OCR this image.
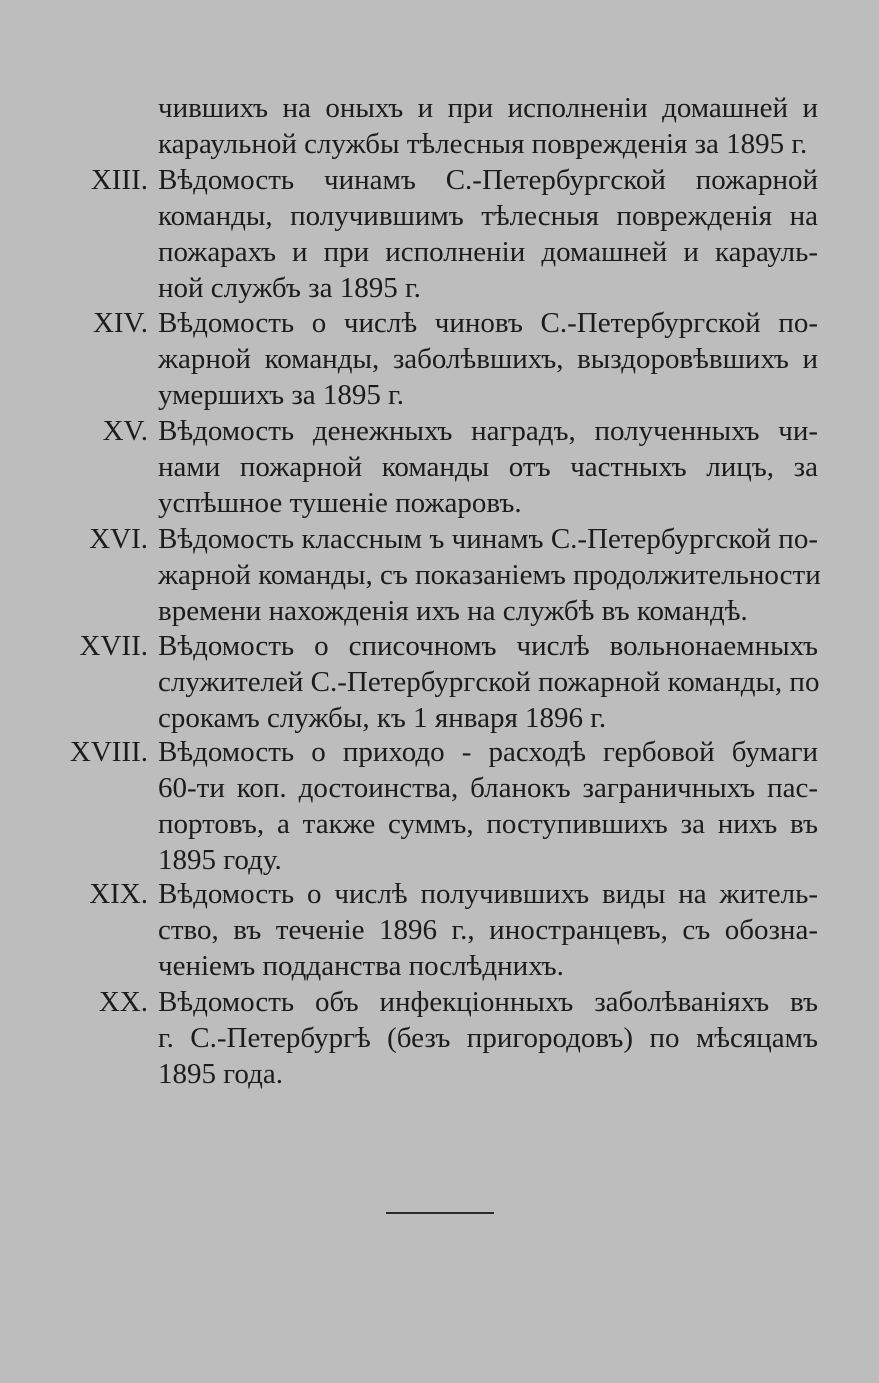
чившихъ на оныхъ и при исполненіи домашней и
караульной службы тѣлесныя поврежденія за 1895 г.
XIII. Вѣдомость чинамъ С.-Петербургской пожарной
команды, получившимъ тѣлесныя поврежденія на
пожарахъ и при исполненіи домашней и карауль-
ной службъ за 1895 г.
XIV. Вѣдомость о числѣ чиновъ С.-Петербургской по-
жарной команды, заболѣвшихъ, выздоровѣвшихъ и
умершихъ за 1895 г.
XV. Вѣдомость денежныхъ наградъ, полученныхъ чи-
нами пожарной команды отъ частныхъ лицъ, за
успѣшное тушеніе пожаровъ.
XVI. Вѣдомость классным ъ чинамъ С.-Петербургской по-
жарной команды, съ показаніемъ продолжительности
времени нахожденія ихъ на службѣ въ командѣ.
XVII. Вѣдомость о списочномъ числѣ вольнонаемныхъ
служителей С.-Петербургской пожарной команды, по
срокамъ службы, къ 1 января 1896 г.
XVIII. Вѣдомость о приходо - расходѣ гербовой бумаги
60-ти коп. достоинства, бланокъ заграничныхъ пас-
портовъ, а также суммъ, поступившихъ за нихъ въ
1895 году.
XIX. Вѣдомость о числѣ получившихъ виды на житель-
ство, въ теченіе 1896 г., иностранцевъ, съ обозна-
ченіемъ подданства послѣднихъ.
XX. Вѣдомость объ инфекціонныхъ заболѣваніяхъ въ
г. С.-Петербургѣ (безъ пригородовъ) по мѣсяцамъ
1895 года.
